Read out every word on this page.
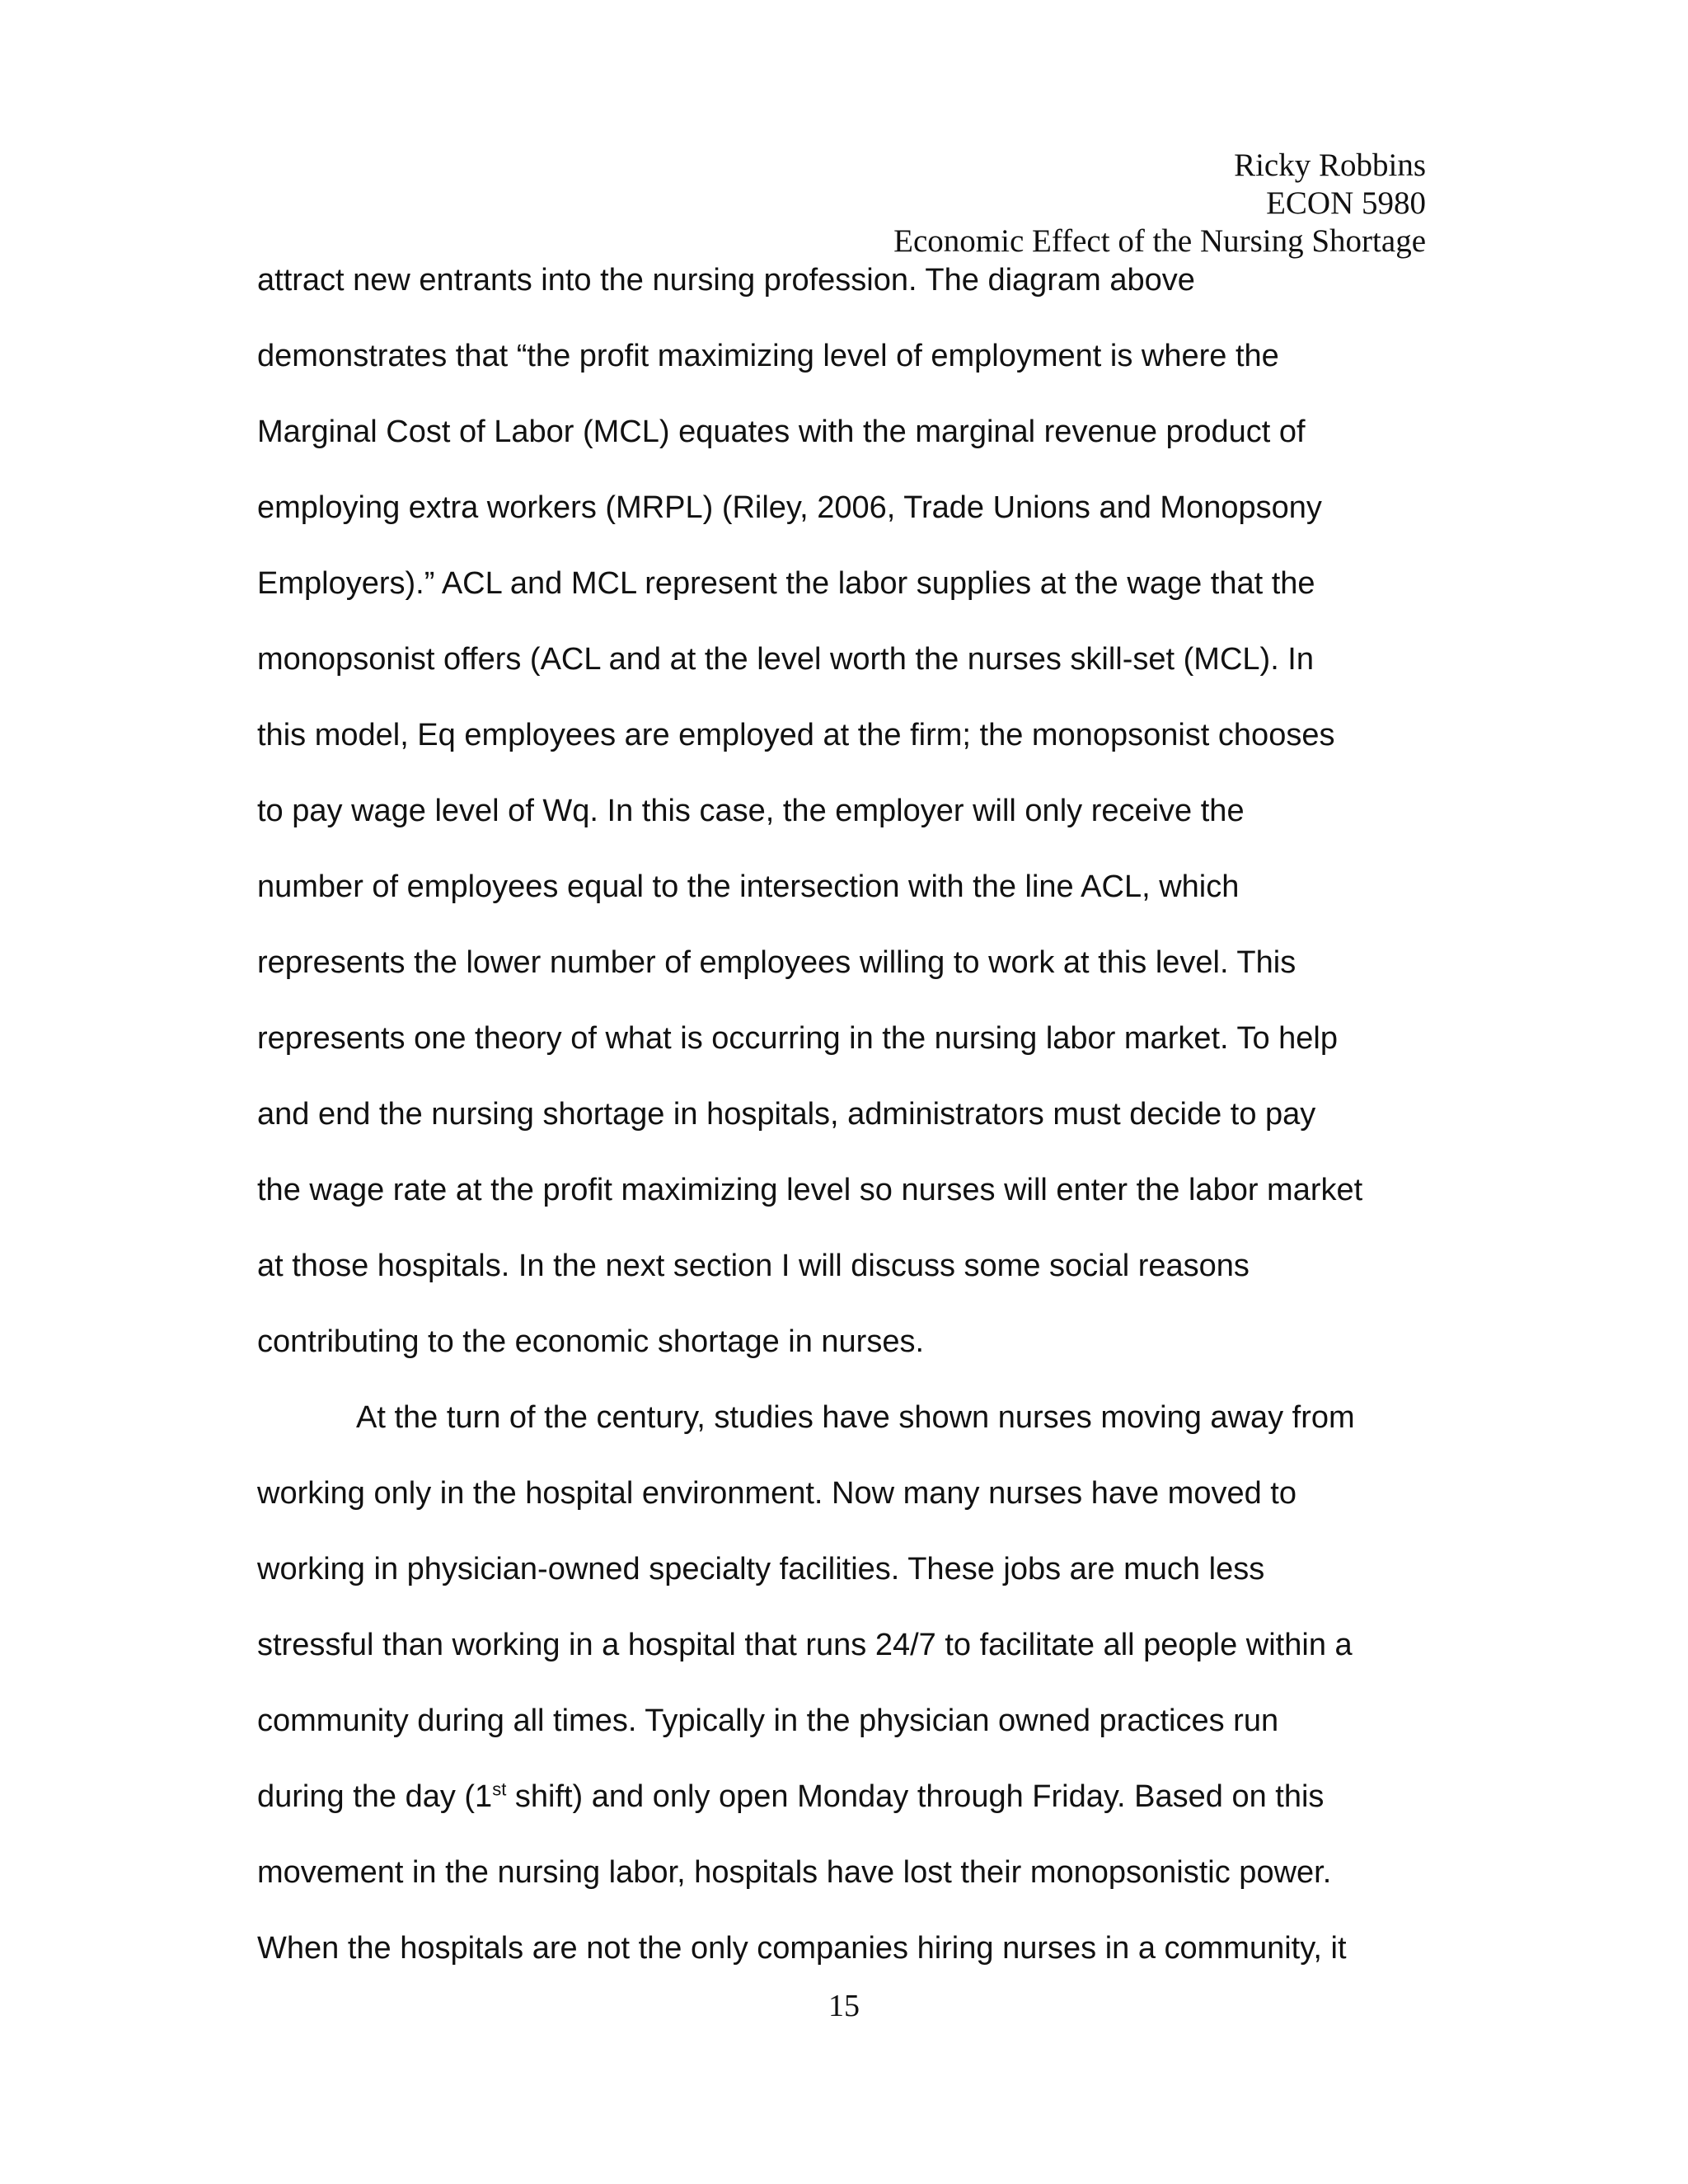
Ricky Robbins
ECON 5980
Economic Effect of the Nursing Shortage
attract new entrants into the nursing profession. The diagram above
demonstrates that “the profit maximizing level of employment is where the
Marginal Cost of Labor (MCL) equates with the marginal revenue product of
employing extra workers (MRPL) (Riley, 2006, Trade Unions and Monopsony
Employers).” ACL and MCL represent the labor supplies at the wage that the
monopsonist offers (ACL and at the level worth the nurses skill-set (MCL). In
this model, Eq employees are employed at the firm; the monopsonist chooses
to pay wage level of Wq. In this case, the employer will only receive the
number of employees equal to the intersection with the line ACL, which
represents the lower number of employees willing to work at this level. This
represents one theory of what is occurring in the nursing labor market. To help
and end the nursing shortage in hospitals, administrators must decide to pay
the wage rate at the profit maximizing level so nurses will enter the labor market
at those hospitals. In the next section I will discuss some social reasons
contributing to the economic shortage in nurses.
At the turn of the century, studies have shown nurses moving away from
working only in the hospital environment. Now many nurses have moved to
working in physician-owned specialty facilities. These jobs are much less
stressful than working in a hospital that runs 24/7 to facilitate all people within a
community during all times. Typically in the physician owned practices run
during the day (1st shift) and only open Monday through Friday. Based on this
movement in the nursing labor, hospitals have lost their monopsonistic power.
When the hospitals are not the only companies hiring nurses in a community, it
15
